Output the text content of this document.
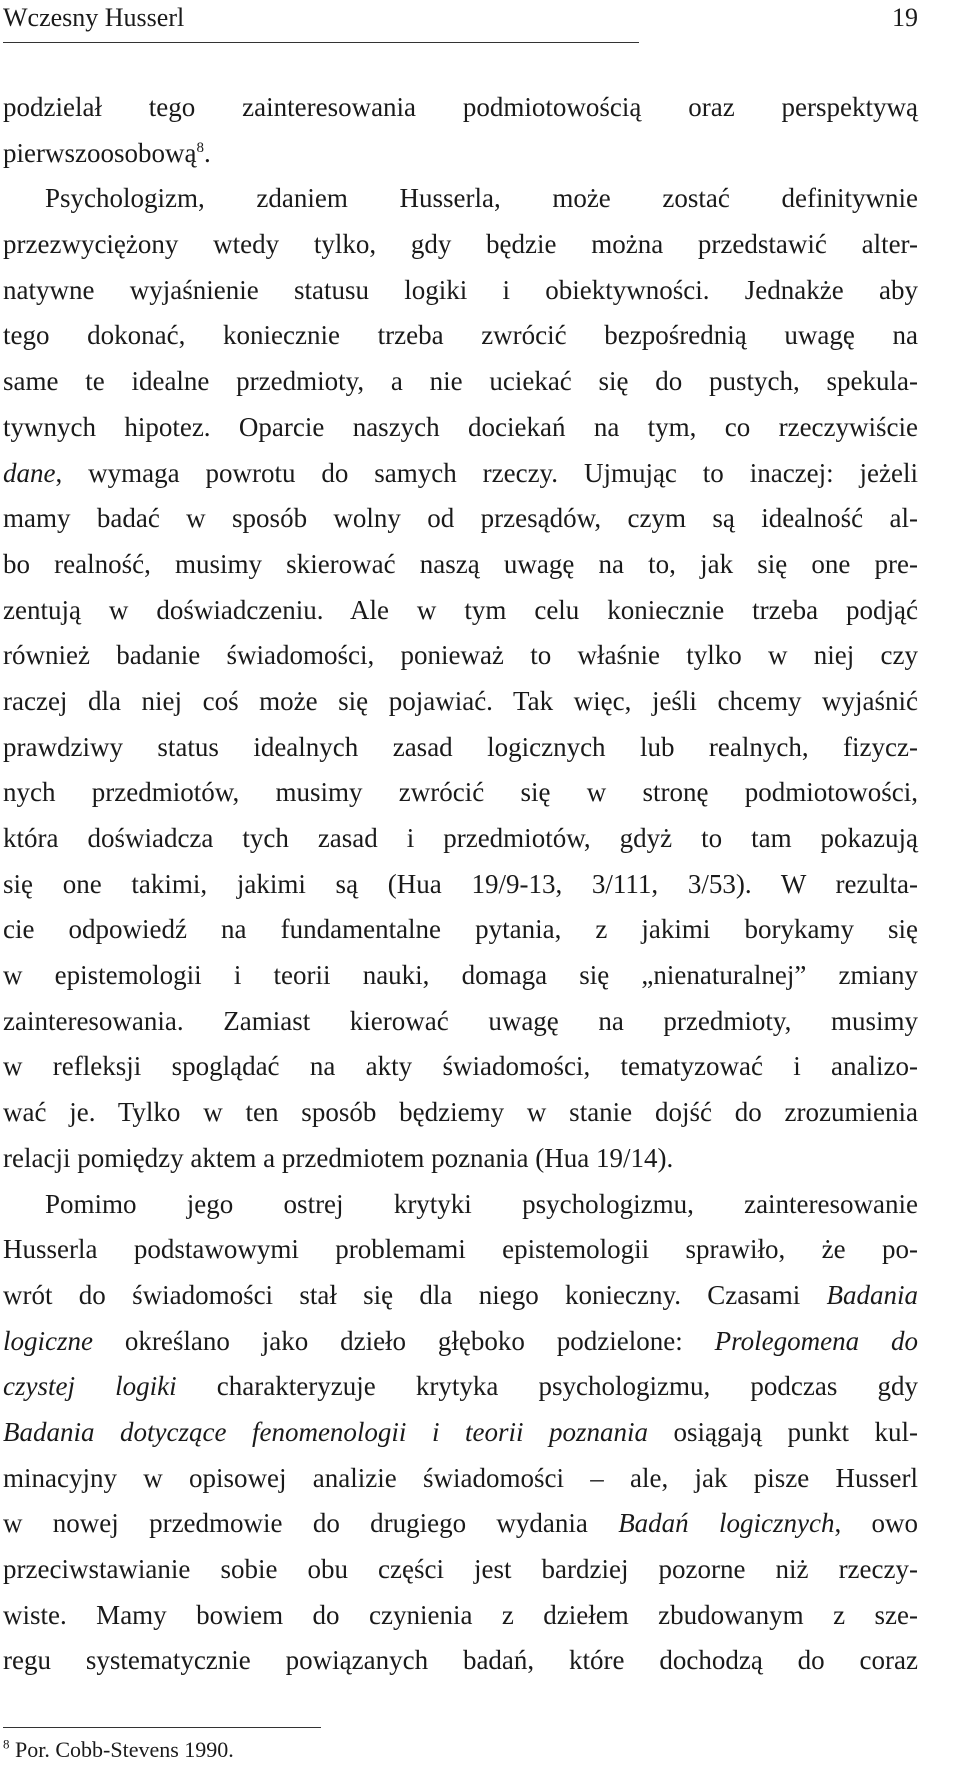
Wczesny Husserl	19
podzielał tego zainteresowania podmiotowością oraz perspektywą
pierwszoosobową$^8$.
Psychologizm, zdaniem Husserla, może zostać definitywnie
przezwyciężony wtedy tylko, gdy będzie można przedstawić alter-
natywne wyjaśnienie statusu logiki i obiektywności. Jednakże aby
tego dokonać, koniecznie trzeba zwrócić bezpośrednią uwagę na
same te idealne przedmioty, a nie uciekać się do pustych, spekula-
tywnych hipotez. Oparcie naszych dociekań na tym, co rzeczywiście
dane, wymaga powrotu do samych rzeczy. Ujmując to inaczej: jeżeli
mamy badać w sposób wolny od przesądów, czym są idealność al-
bo realność, musimy skierować naszą uwagę na to, jak się one pre-
zentują w doświadczeniu. Ale w tym celu koniecznie trzeba podjąć
również badanie świadomości, ponieważ to właśnie tylko w niej czy
raczej dla niej coś może się pojawiać. Tak więc, jeśli chcemy wyjaśnić
prawdziwy status idealnych zasad logicznych lub realnych, fizycz-
nych przedmiotów, musimy zwrócić się w stronę podmiotowości,
która doświadcza tych zasad i przedmiotów, gdyż to tam pokazują
się one takimi, jakimi są (Hua 19/9-13, 3/111, 3/53). W rezulta-
cie odpowiedź na fundamentalne pytania, z jakimi borykamy się
w epistemologii i teorii nauki, domaga się „nienaturalnej” zmiany
zainteresowania. Zamiast kierować uwagę na przedmioty, musimy
w refleksji spoglądać na akty świadomości, tematyzować i analizo-
wać je. Tylko w ten sposób będziemy w stanie dojść do zrozumienia
relacji pomiędzy aktem a przedmiotem poznania (Hua 19/14).
Pomimo jego ostrej krytyki psychologizmu, zainteresowanie
Husserla podstawowymi problemami epistemologii sprawiło, że po-
wrót do świadomości stał się dla niego konieczny. Czasami Badania
logiczne określano jako dzieło głęboko podzielone: Prolegomena do
czystej logiki charakteryzuje krytyka psychologizmu, podczas gdy
Badania dotyczące fenomenologii i teorii poznania osiągają punkt kul-
minacyjny w opisowej analizie świadomości – ale, jak pisze Husserl
w nowej przedmowie do drugiego wydania Badań logicznych, owo
przeciwstawianie sobie obu części jest bardziej pozorne niż rzeczy-
wiste. Mamy bowiem do czynienia z dziełem zbudowanym z sze-
regu systematycznie powiązanych badań, które dochodzą do coraz
$^8$ Por. Cobb-Stevens 1990.
